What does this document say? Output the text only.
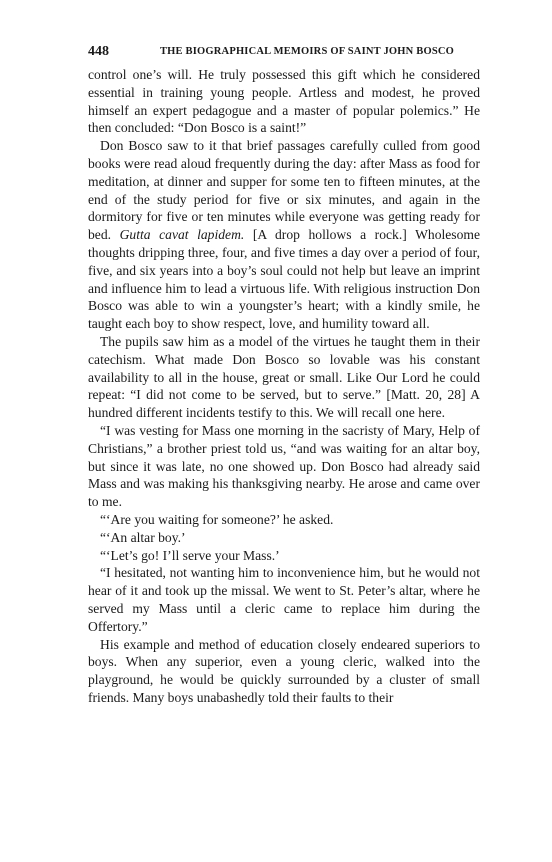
448	THE BIOGRAPHICAL MEMOIRS OF SAINT JOHN BOSCO

control one’s will. He truly possessed this gift which he considered essential in training young people. Artless and modest, he proved himself an expert pedagogue and a master of popular polemics.” He then concluded: “Don Bosco is a saint!”

Don Bosco saw to it that brief passages carefully culled from good books were read aloud frequently during the day: after Mass as food for meditation, at dinner and supper for some ten to fifteen minutes, at the end of the study period for five or six minutes, and again in the dormitory for five or ten minutes while everyone was getting ready for bed. Gutta cavat lapidem. [A drop hollows a rock.] Wholesome thoughts dripping three, four, and five times a day over a period of four, five, and six years into a boy’s soul could not help but leave an imprint and influence him to lead a virtuous life. With religious instruction Don Bosco was able to win a youngster’s heart; with a kindly smile, he taught each boy to show respect, love, and humility toward all.

The pupils saw him as a model of the virtues he taught them in their catechism. What made Don Bosco so lovable was his constant availability to all in the house, great or small. Like Our Lord he could repeat: “I did not come to be served, but to serve.” [Matt. 20, 28] A hundred different incidents testify to this. We will recall one here.

“I was vesting for Mass one morning in the sacristy of Mary, Help of Christians,” a brother priest told us, “and was waiting for an altar boy, but since it was late, no one showed up. Don Bosco had already said Mass and was making his thanksgiving nearby. He arose and came over to me.

“‘Are you waiting for someone?’ he asked.

“‘An altar boy.’

“‘Let’s go! I’ll serve your Mass.’

“I hesitated, not wanting him to inconvenience him, but he would not hear of it and took up the missal. We went to St. Peter’s altar, where he served my Mass until a cleric came to replace him during the Offertory.”

His example and method of education closely endeared superiors to boys. When any superior, even a young cleric, walked into the playground, he would be quickly surrounded by a cluster of small friends. Many boys unabashedly told their faults to their
